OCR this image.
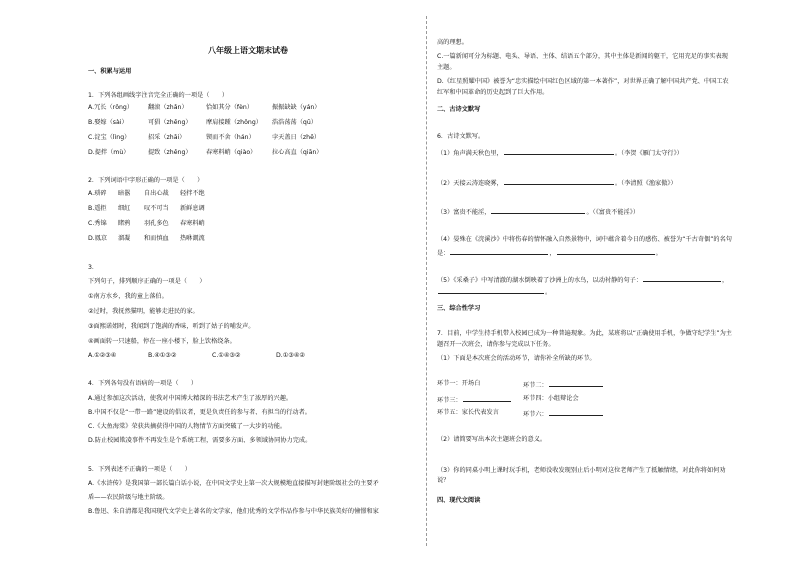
八年级上语文期末试卷
一、积累与运用
1．下列各组画线字注音完全正确的一项是（　　）
A.冗长（rǒng） 翻滚（zhǎn）	恰如其分（fèn）	振振缺缺（yán）
B.娶嫁（sài）	可猖（zhēng） 摩肩接踵（zhǒng） 浩浩荡荡（qū）
C.淀宝（lìng）	招采（zhāi）	锲而不舍（hán）	孛天盖日（zhē）
D.提拌（mù）	提致（zhěng） 春寒料峭（qiào）	拉心高直（qiān）
2．下列词语中字形正确的一项是（　　）
A.琐碎 暗嚣 自出心裁 轻拌不绝
B.遥拒 细紅 叹不可当 新鲜息调
C.秀锦 睹鸦 羽孔多色 春寒料峭
D.鳳京 溜凝 和而慎血 热咻溉流
3．
下列句子，排列顺序正确的一项是（　　）
①南方水乡，我的童上落伯。
②过时，我抚然猫明，能够走进民的家。
③面熙诺姐时，我闻到了饱满的香味，听到了姑子的哺发声。
④画面转一只速船，停在一座小楼下，脸上饮格绕条。
A.①②③④	B.④①③②	C.①④③②	D.①③④②
4．下列各句没有语病的一项是（　　）
A.通过参加这次活动，使我对中国博大精深的书法艺术产生了浓厚的兴趣。
B.中国不仅是“一带一路”建设的倡议者，更是负责任的参与者、有担当的行动者。
C.《大鱼海棠》荣获共摘获得中国的人物情节方面突破了一大步的功能。
D.防止校园欺凌事件不再发生是个系统工程，需要多方面、多领域协同协力完成。
5．下列表述不正确的一项是（　　）
A.《水浒传》是我国第一部长篇白话小说，在中国文学史上第一次大规模地直接描写封建阶级社会的主要矛
盾——农民阶级与地主阶级。
B.鲁迅、朱自清都是我国现代文学史上著名的文学家，他们优秀的文学作品作参与中华民族美好的憧憬和家
高的理想。
C.一篇新闻可分为标题、电头、导语、主体、结语五个部分，其中主体是新闻的躯干，它用充足的事实表现
主题。
D.《红星照耀中国》被誉为“忠实描绘中国红色区域的第一本著作”，对世界正确了解中国共产党、中国工农
红军和中国革命的历史起到了巨大作用。
二、古诗文默写
6．古诗文默写。
（1）角声满天秋色里，	。（李贺《雁门太守行》）
（2）天接云涛连晓雾，	。（李清照《渔家傲》）
（3）富贵不能淫，	。（《富贵不能淫》）
（4）晏殊在《浣溪沙》中将伤春的情怀融入自然景物中，词中蕴含着今日的感伤、被誉为“千古奇偶”的名句
是：	，	。
（5）《采桑子》中写清澈的湖水倒映着了沙洲上的水鸟，以动衬静的句子：	，
。
三、综合性学习
7．目前，中学生持手机带入校园已成为一种普遍现象。为此，某班将以“正确使用手机，争做守纪学生”为主
题召开一次班会，请你参与完成以下任务。
（1）下面是本次班会的活动环节，请你补全所缺的环节。
环节一：开场白	环节二：
环节三：	环节四：小组辩论会
环节五：家长代表发言	环节六：
（2）请简要写出本次主题班会的意义。
（3）你的同桌小明上课时玩手机，老师没收发现别止后小明对这位老师产生了抵触情绪，对此你将如何劝
说？
四、现代文阅读
